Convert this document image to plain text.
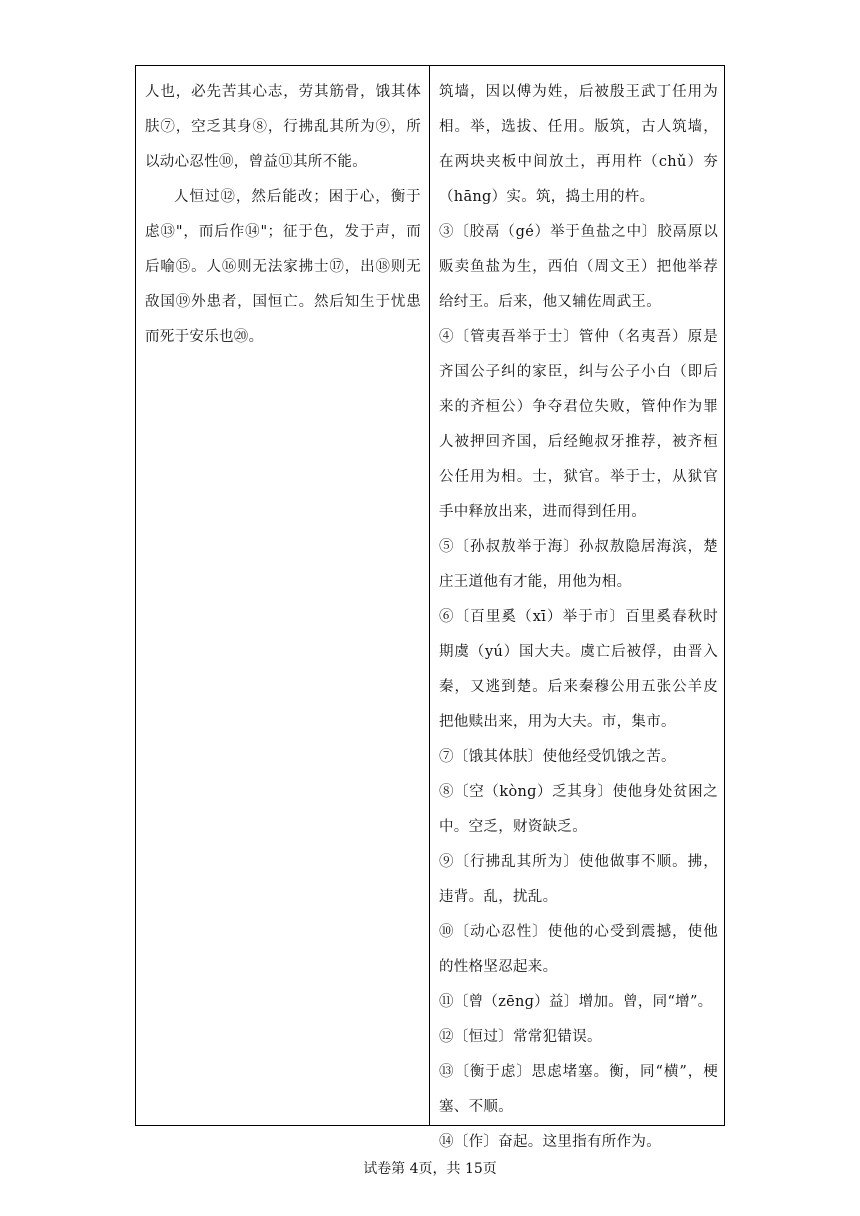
人也，必先苦其心志，劳其筋骨，饿其体肤⑦，空乏其身⑧，行拂乱其所为⑨，所以动心忍性⑩，曾益⑪其所不能。

人恒过⑫，然后能改；困于心，衡于虑⑬"，而后作⑭"；征于色，发于声，而后喻⑮。人⑯则无法家拂士⑰，出⑱则无敌国⑲外患者，国恒亡。然后知生于忧患而死于安乐也⑳。

筑墙，因以傅为姓，后被殷王武丁任用为相。举，选拔、任用。版筑，古人筑墙，在两块夹板中间放土，再用杵（chǔ）夯（hāng）实。筑，捣土用的杵。

③〔胶鬲（gé）举于鱼盐之中〕胶鬲原以贩卖鱼盐为生，西伯（周文王）把他举荐给纣王。后来，他又辅佐周武王。

④〔管夷吾举于士〕管仲（名夷吾）原是齐国公子纠的家臣，纠与公子小白（即后来的齐桓公）争夺君位失败，管仲作为罪人被押回齐国，后经鲍叔牙推荐，被齐桓公任用为相。士，狱官。举于士，从狱官手中释放出来，进而得到任用。

⑤〔孙叔敖举于海〕孙叔敖隐居海滨，楚庄王道他有才能，用他为相。

⑥〔百里奚（xī）举于市〕百里奚春秋时期虞（yú）国大夫。虞亡后被俘，由晋入秦，又逃到楚。后来秦穆公用五张公羊皮把他赎出来，用为大夫。市，集市。

⑦〔饿其体肤〕使他经受饥饿之苦。

⑧〔空（kònɡ）乏其身〕使他身处贫困之中。空乏，财资缺乏。

⑨〔行拂乱其所为〕使他做事不顺。拂，违背。乱，扰乱。

⑩〔动心忍性〕使他的心受到震撼，使他的性格坚忍起来。

⑪〔曾（zēnɡ）益〕增加。曾，同“增”。

⑫〔恒过〕常常犯错误。

⑬〔衡于虑〕思虑堵塞。衡，同“横”，梗塞、不顺。

⑭〔作〕奋起。这里指有所作为。

试卷第 4页，共 15页
